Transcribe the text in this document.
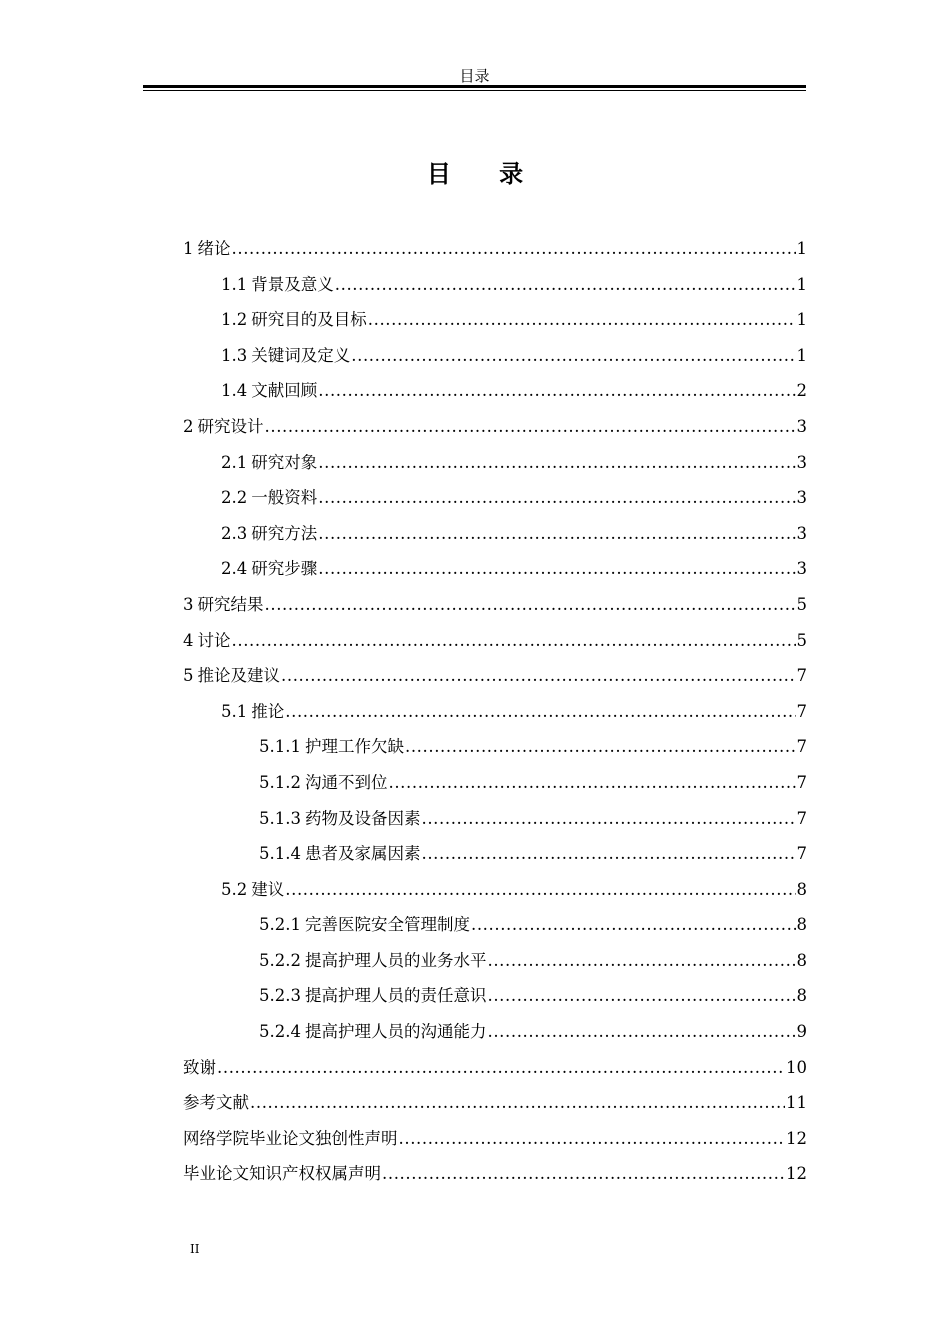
目录
目 录
1 绪论 .....	1
1.1 背景及意义 .....	1
1.2 研究目的及目标 .....	1
1.3 关键词及定义 .....	1
1.4 文献回顾 .....	2
2 研究设计 .....	3
2.1 研究对象 .....	3
2.2 一般资料 .....	3
2.3 研究方法 .....	3
2.4 研究步骤 .....	3
3 研究结果 .....	5
4 讨论 .....	5
5 推论及建议 .....	7
5.1 推论 .....	7
5.1.1 护理工作欠缺 .....	7
5.1.2 沟通不到位 .....	7
5.1.3 药物及设备因素 .....	7
5.1.4 患者及家属因素 .....	7
5.2 建议 .....	8
5.2.1 完善医院安全管理制度 .....	8
5.2.2 提高护理人员的业务水平 .....	8
5.2.3 提高护理人员的责任意识 .....	8
5.2.4 提高护理人员的沟通能力 .....	9
致谢 .....	10
参考文献 .....	11
网络学院毕业论文独创性声明 .....	12
毕业论文知识产权权属声明 .....	12
II
